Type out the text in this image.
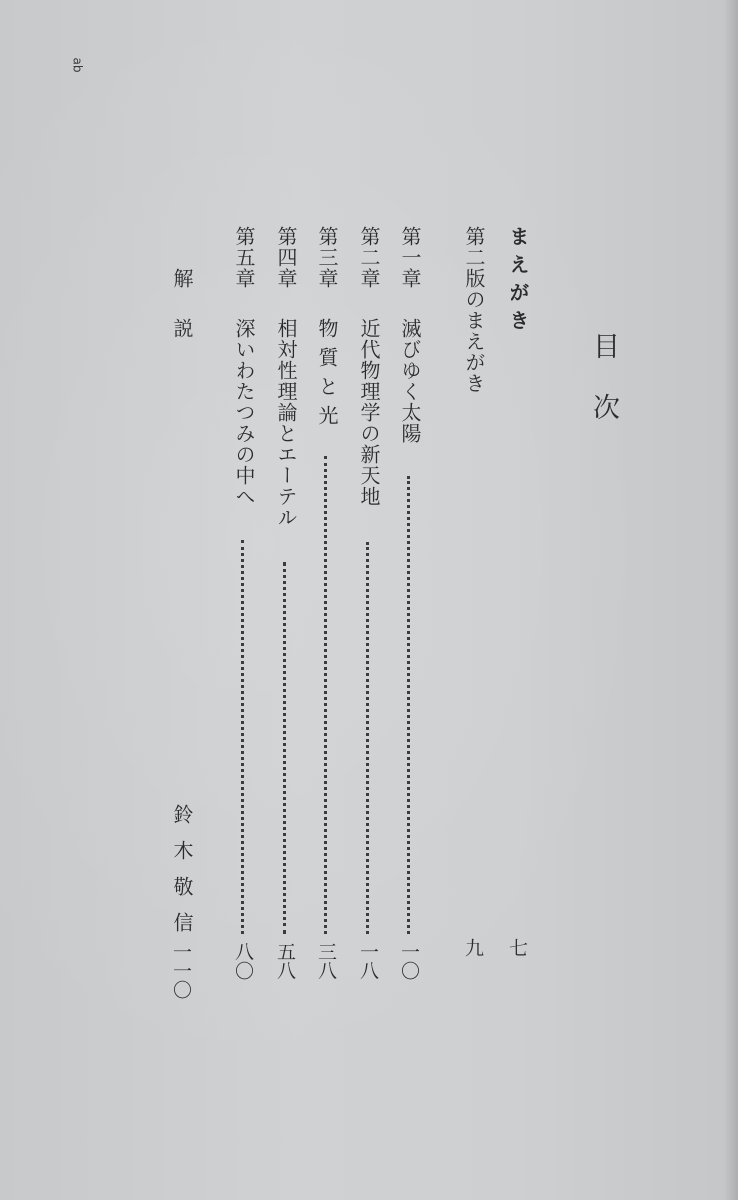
ab
目次
まえがき
七
第二版のまえがき
九
第一章
滅びゆく太陽
一〇
第二章
近代物理学の新天地
一八
第三章
物質と光
三八
第四章
相対性理論とエーテル
五八
第五章
深いわたつみの中へ
八〇
解説
鈴木敬信
一一〇
